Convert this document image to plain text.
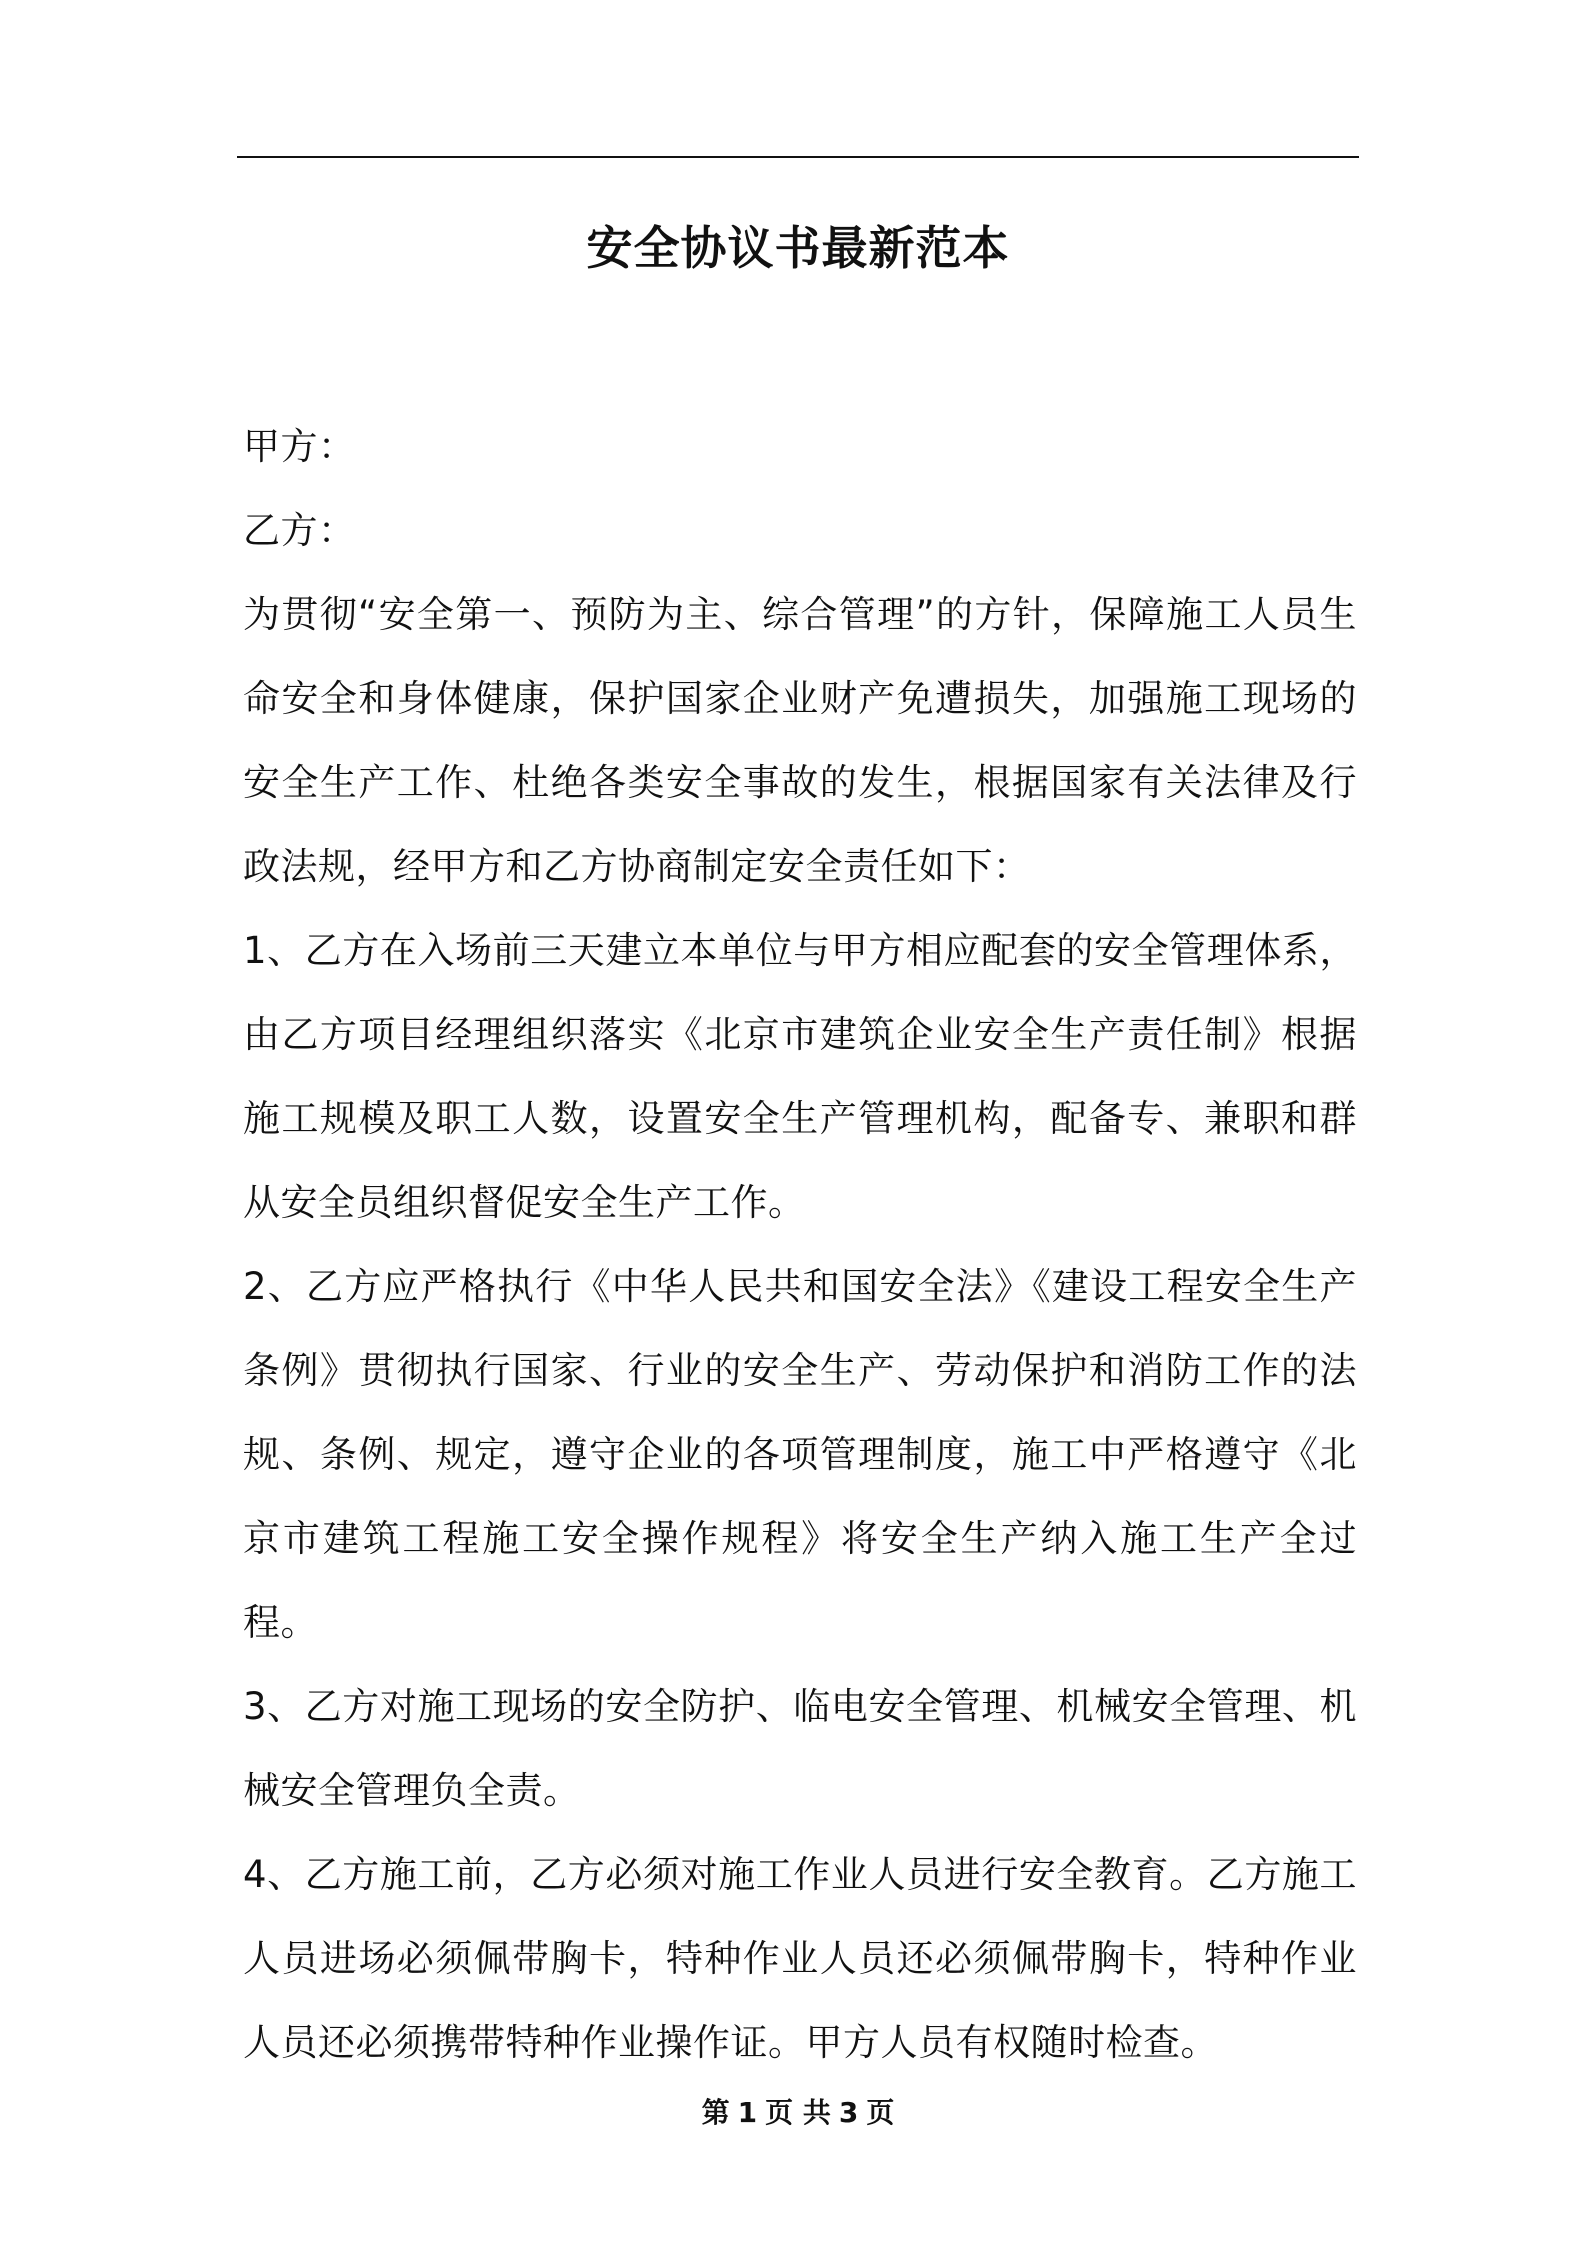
安全协议书最新范本

甲方：

乙方：

为贯彻“安全第一、预防为主、综合管理”的方针，保障施工人员生命安全和身体健康，保护国家企业财产免遭损失，加强施工现场的安全生产工作、杜绝各类安全事故的发生，根据国家有关法律及行政法规，经甲方和乙方协商制定安全责任如下：

1、乙方在入场前三天建立本单位与甲方相应配套的安全管理体系，由乙方项目经理组织落实《北京市建筑企业安全生产责任制》根据施工规模及职工人数，设置安全生产管理机构，配备专、兼职和群从安全员组织督促安全生产工作。

2、乙方应严格执行《中华人民共和国安全法》《建设工程安全生产条例》贯彻执行国家、行业的安全生产、劳动保护和消防工作的法规、条例、规定，遵守企业的各项管理制度，施工中严格遵守《北京市建筑工程施工安全操作规程》将安全生产纳入施工生产全过程。

3、乙方对施工现场的安全防护、临电安全管理、机械安全管理、机械安全管理负全责。

4、乙方施工前，乙方必须对施工作业人员进行安全教育。乙方施工人员进场必须佩带胸卡，特种作业人员还必须佩带胸卡，特种作业人员还必须携带特种作业操作证。甲方人员有权随时检查。

第 1 页 共 3 页
